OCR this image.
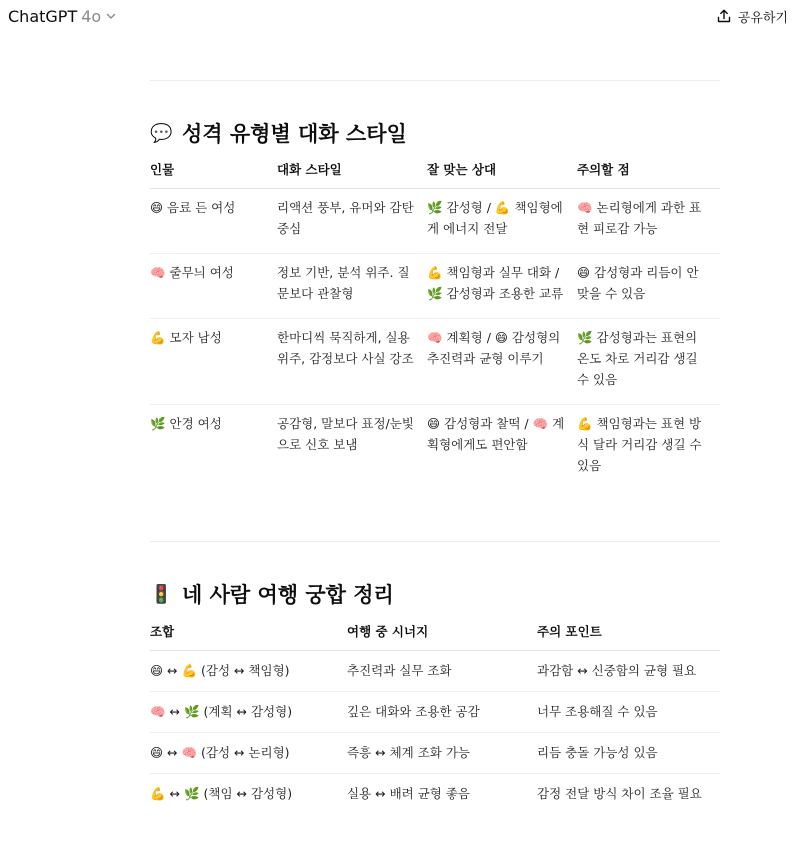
ChatGPT 4o	공유하기
💬 성격 유형별 대화 스타일
인물	대화 스타일	잘 맞는 상대	주의할 점
😄 음료 든 여성	리액션 풍부, 유머와 감탄 중심	🌿 감성형 / 💪 책임형에게 에너지 전달	🧠 논리형에게 과한 표현 피로감 가능
🧠 줄무늬 여성	정보 기반, 분석 위주. 질문보다 관찰형	💪 책임형과 실무 대화 / 🌿 감성형과 조용한 교류	😄 감성형과 리듬이 안 맞을 수 있음
💪 모자 남성	한마디씩 묵직하게, 실용 위주, 감정보다 사실 강조	🧠 계획형 / 😄 감성형의 추진력과 균형 이루기	🌿 감성형과는 표현의 온도 차로 거리감 생길 수 있음
🌿 안경 여성	공감형, 말보다 표정/눈빛으로 신호 보냄	😄 감성형과 찰떡 / 🧠 계획형에게도 편안함	💪 책임형과는 표현 방식 달라 거리감 생길 수 있음
🚦 네 사람 여행 궁합 정리
조합	여행 중 시너지	주의 포인트
😄 ↔ 💪 (감성 ↔ 책임형)	추진력과 실무 조화	과감함 ↔ 신중함의 균형 필요
🧠 ↔ 🌿 (계획 ↔ 감성형)	깊은 대화와 조용한 공감	너무 조용해질 수 있음
😄 ↔ 🧠 (감성 ↔ 논리형)	즉흥 ↔ 체계 조화 가능	리듬 충돌 가능성 있음
💪 ↔ 🌿 (책임 ↔ 감성형)	실용 ↔ 배려 균형 좋음	감정 전달 방식 차이 조율 필요
